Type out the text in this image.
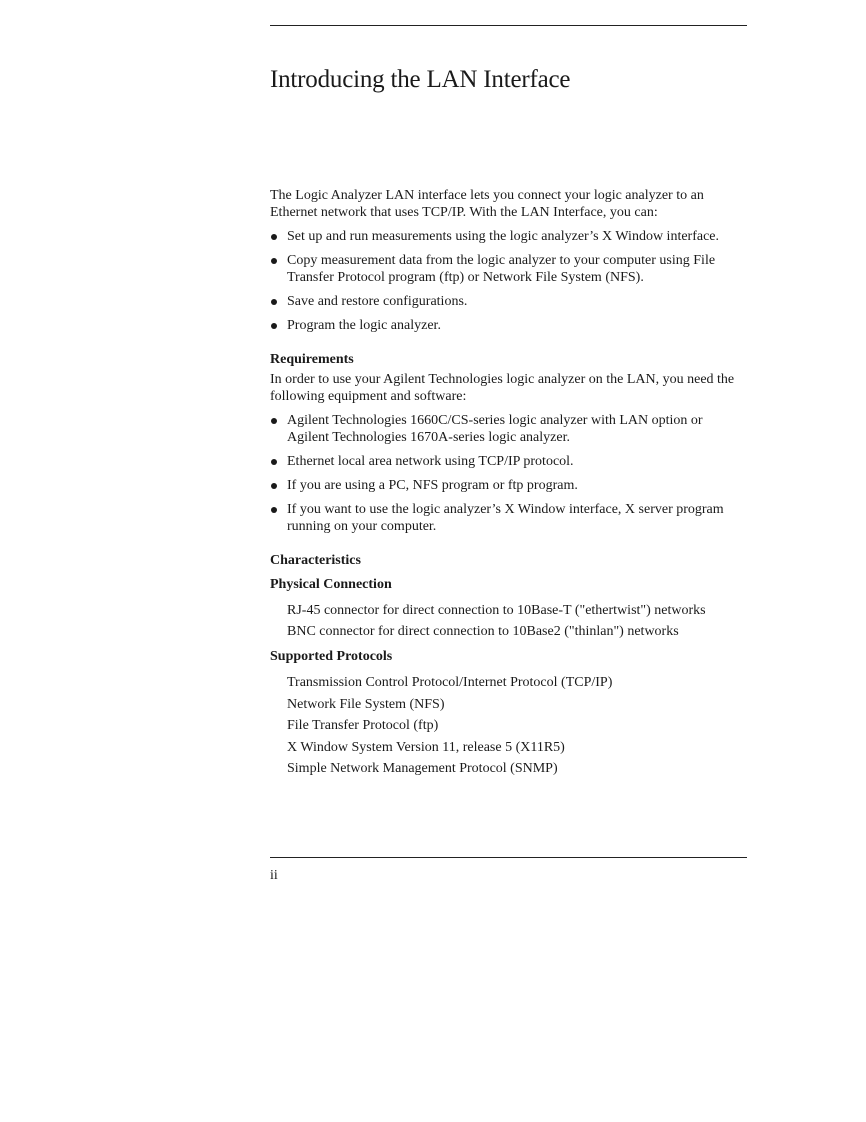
Introducing the LAN Interface

The Logic Analyzer LAN interface lets you connect your logic analyzer to an Ethernet network that uses TCP/IP. With the LAN Interface, you can:

Set up and run measurements using the logic analyzer’s X Window interface.
Copy measurement data from the logic analyzer to your computer using File Transfer Protocol program (ftp) or Network File System (NFS).
Save and restore configurations.
Program the logic analyzer.
Requirements

In order to use your Agilent Technologies logic analyzer on the LAN, you need the following equipment and software:

Agilent Technologies 1660C/CS-series logic analyzer with LAN option or Agilent Technologies 1670A-series logic analyzer.
Ethernet local area network using TCP/IP protocol.
If you are using a PC, NFS program or ftp program.
If you want to use the logic analyzer’s X Window interface, X server program running on your computer.
Characteristics
Physical Connection
RJ-45 connector for direct connection to 10Base-T ("ethertwist") networks
BNC connector for direct connection to 10Base2 ("thinlan") networks
Supported Protocols
Transmission Control Protocol/Internet Protocol (TCP/IP)
Network File System (NFS)
File Transfer Protocol (ftp)
X Window System Version 11, release 5 (X11R5)
Simple Network Management Protocol (SNMP)
ii
